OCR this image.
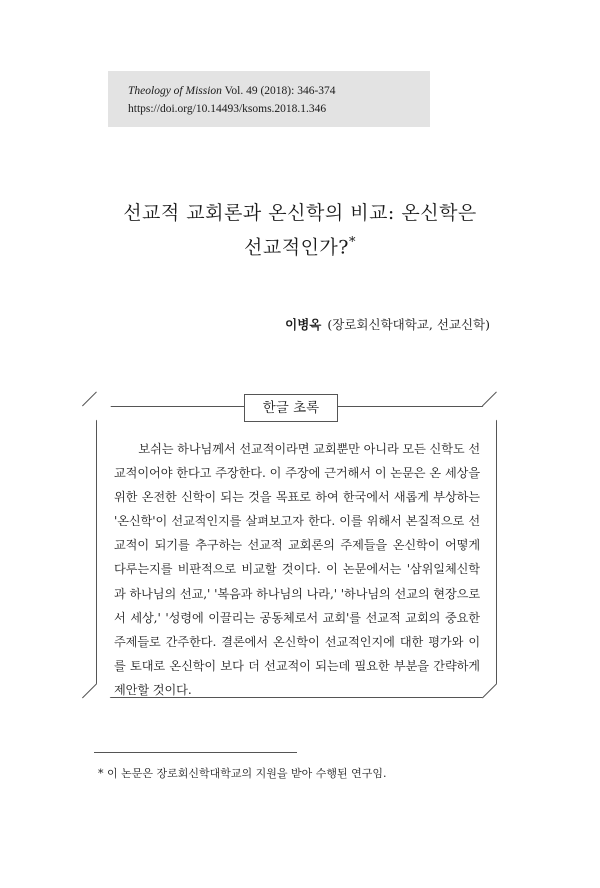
Theology of Mission Vol. 49 (2018): 346-374
https://doi.org/10.14493/ksoms.2018.1.346
선교적 교회론과 온신학의 비교: 온신학은
선교적인가?*
이병옥 (장로회신학대학교, 선교신학)
한글 초록

보쉬는 하나님께서 선교적이라면 교회뿐만 아니라 모든 신학도 선교적이어야 한다고 주장한다. 이 주장에 근거해서 이 논문은 온 세상을 위한 온전한 신학이 되는 것을 목표로 하여 한국에서 새롭게 부상하는 '온신학'이 선교적인지를 살펴보고자 한다. 이를 위해서 본질적으로 선교적이 되기를 추구하는 선교적 교회론의 주제들을 온신학이 어떻게 다루는지를 비판적으로 비교할 것이다. 이 논문에서는 '삼위일체신학과 하나님의 선교,' '복음과 하나님의 나라,' '하나님의 선교의 현장으로서 세상,' '성령에 이끌리는 공동체로서 교회'를 선교적 교회의 중요한 주제들로 간주한다. 결론에서 온신학이 선교적인지에 대한 평가와 이를 토대로 온신학이 보다 더 선교적이 되는데 필요한 부분을 간략하게 제안할 것이다.

* 이 논문은 장로회신학대학교의 지원을 받아 수행된 연구임.
